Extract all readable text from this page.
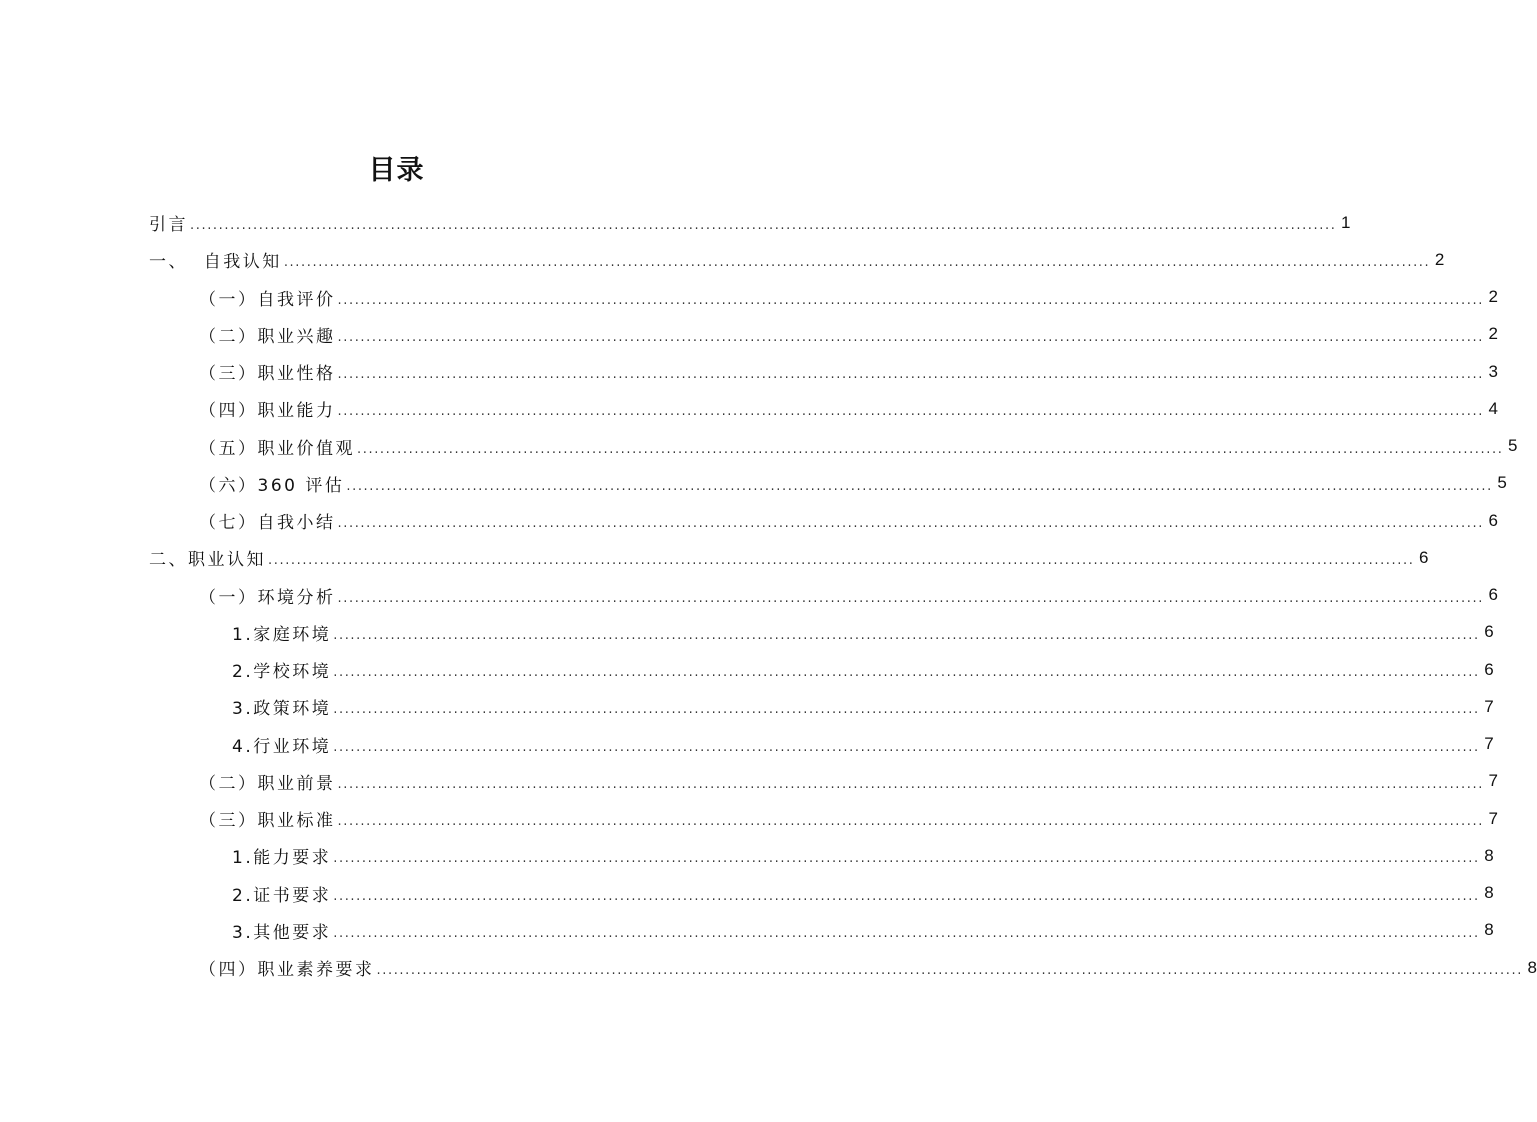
目录
引言 ........................................................................................................................................................................................................ 1
一、  自我认知 ........................................................................................................................................................................................................ 2
（一）自我评价 ........................................................................................................................................................................................................ 2
（二）职业兴趣 ........................................................................................................................................................................................................ 2
（三）职业性格 ........................................................................................................................................................................................................ 3
（四）职业能力 ........................................................................................................................................................................................................ 4
（五）职业价值观 ........................................................................................................................................................................................................ 5
（六）360 评估 ........................................................................................................................................................................................................ 5
（七）自我小结 ........................................................................................................................................................................................................ 6
二、职业认知 ........................................................................................................................................................................................................ 6
（一）环境分析 ........................................................................................................................................................................................................ 6
1.家庭环境 ........................................................................................................................................................................................................ 6
2.学校环境 ........................................................................................................................................................................................................ 6
3.政策环境 ........................................................................................................................................................................................................ 7
4.行业环境 ........................................................................................................................................................................................................ 7
（二）职业前景 ........................................................................................................................................................................................................ 7
（三）职业标准 ........................................................................................................................................................................................................ 7
1.能力要求 ........................................................................................................................................................................................................ 8
2.证书要求 ........................................................................................................................................................................................................ 8
3.其他要求 ........................................................................................................................................................................................................ 8
（四）职业素养要求 ........................................................................................................................................................................................................ 8
